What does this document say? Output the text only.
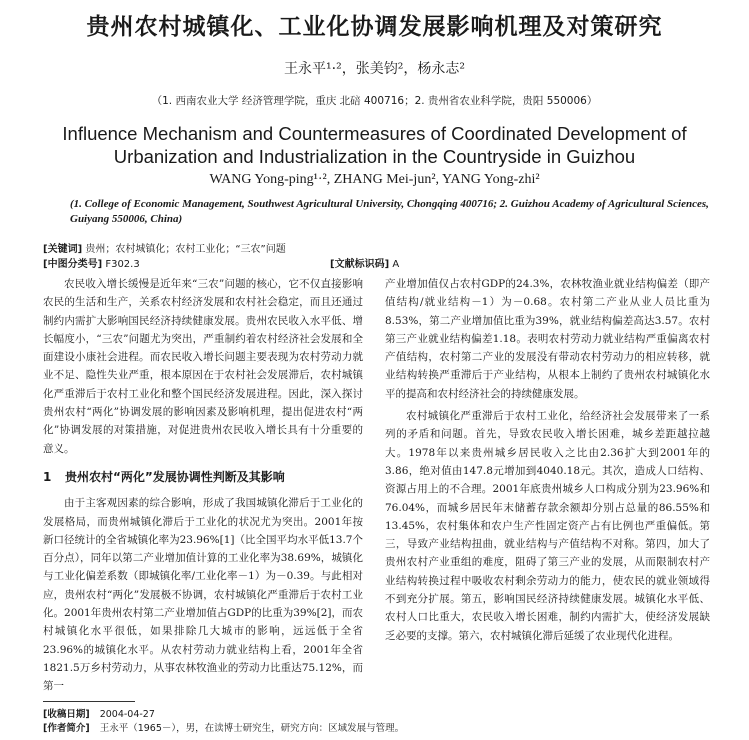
贵州农村城镇化、工业化协调发展影响机理及对策研究
王永平¹·²，张美钧²，杨永志²
（1. 西南农业大学 经济管理学院，重庆 北碚 400716；2. 贵州省农业科学院，贵阳 550006）
Influence Mechanism and Countermeasures of Coordinated Development of Urbanization and Industrialization in the Countryside in Guizhou
WANG Yong-ping¹·², ZHANG Mei-jun², YANG Yong-zhi²
(1. College of Economic Management, Southwest Agricultural University, Chongqing 400716; 2. Guizhou Academy of Agricultural Sciences, Guiyang 550006, China)
[关键词] 贵州；农村城镇化；农村工业化；“三农”问题
[中图分类号] F302.3	[文献标识码] A

农民收入增长缓慢是近年来“三农”问题的核心，它不仅直接影响农民的生活和生产，关系农村经济发展和农村社会稳定，而且还通过制约内需扩大影响国民经济持续健康发展。贵州农民收入水平低、增长幅度小，“三农”问题尤为突出，严重制约着农村经济社会发展和全面建设小康社会进程。而农民收入增长问题主要表现为农村劳动力就业不足、隐性失业严重，根本原因在于农村社会发展滞后，农村城镇化严重滞后于农村工业化和整个国民经济发展进程。因此，深入探讨贵州农村“两化”协调发展的影响因素及影响机理，提出促进农村“两化”协调发展的对策措施，对促进贵州农民收入增长具有十分重要的意义。

1 贵州农村“两化”发展协调性判断及其影响

由于主客观因素的综合影响，形成了我国城镇化滞后于工业化的发展格局，而贵州城镇化滞后于工业化的状况尤为突出。2001年按新口径统计的全省城镇化率为23.96%[1]（比全国平均水平低13.7个百分点），同年以第二产业增加值计算的工业化率为38.69%，城镇化与工业化偏差系数（即城镇化率/工业化率－1）为－0.39。与此相对应，贵州农村“两化”发展极不协调，农村城镇化严重滞后于农村工业化。2001年贵州农村第二产业增加值占GDP的比重为39%[2]，而农村城镇化水平很低，如果排除几大城市的影响，远远低于全省23.96%的城镇化水平。从农村劳动力就业结构上看，2001年全省1821.5万乡村劳动力，从事农林牧渔业的劳动力比重达75.12%，而第一

产业增加值仅占农村GDP的24.3%，农林牧渔业就业结构偏差（即产值结构/就业结构－1）为－0.68。农村第二产业从业人员比重为8.53%，第二产业增加值比重为39%，就业结构偏差高达3.57。农村第三产业就业结构偏差1.18。表明农村劳动力就业结构严重偏离农村产值结构，农村第二产业的发展没有带动农村劳动力的相应转移，就业结构转换严重滞后于产业结构，从根本上制约了贵州农村城镇化水平的提高和农村经济社会的持续健康发展。

农村城镇化严重滞后于农村工业化，给经济社会发展带来了一系列的矛盾和问题。首先，导致农民收入增长困难，城乡差距越拉越大。1978年以来贵州城乡居民收入之比由2.36扩大到2001年的3.86，绝对值由147.8元增加到4040.18元。其次，造成人口结构、资源占用上的不合理。2001年底贵州城乡人口构成分别为23.96%和76.04%，而城乡居民年末储蓄存款余额却分别占总量的86.55%和13.45%，农村集体和农户生产性固定资产占有比例也严重偏低。第三，导致产业结构扭曲，就业结构与产值结构不对称。第四，加大了贵州农村产业重组的难度，阻碍了第三产业的发展，从而限制农村产业结构转换过程中吸收农村剩余劳动力的能力，使农民的就业领域得不到充分扩展。第五，影响国民经济持续健康发展。城镇化水平低、农村人口比重大，农民收入增长困难，制约内需扩大，使经济发展缺乏必要的支撑。第六，农村城镇化滞后延缓了农业现代化进程。

[收稿日期] 2004-04-27
[作者简介] 王永平（1965－），男，在读博士研究生，研究方向：区域发展与管理。
